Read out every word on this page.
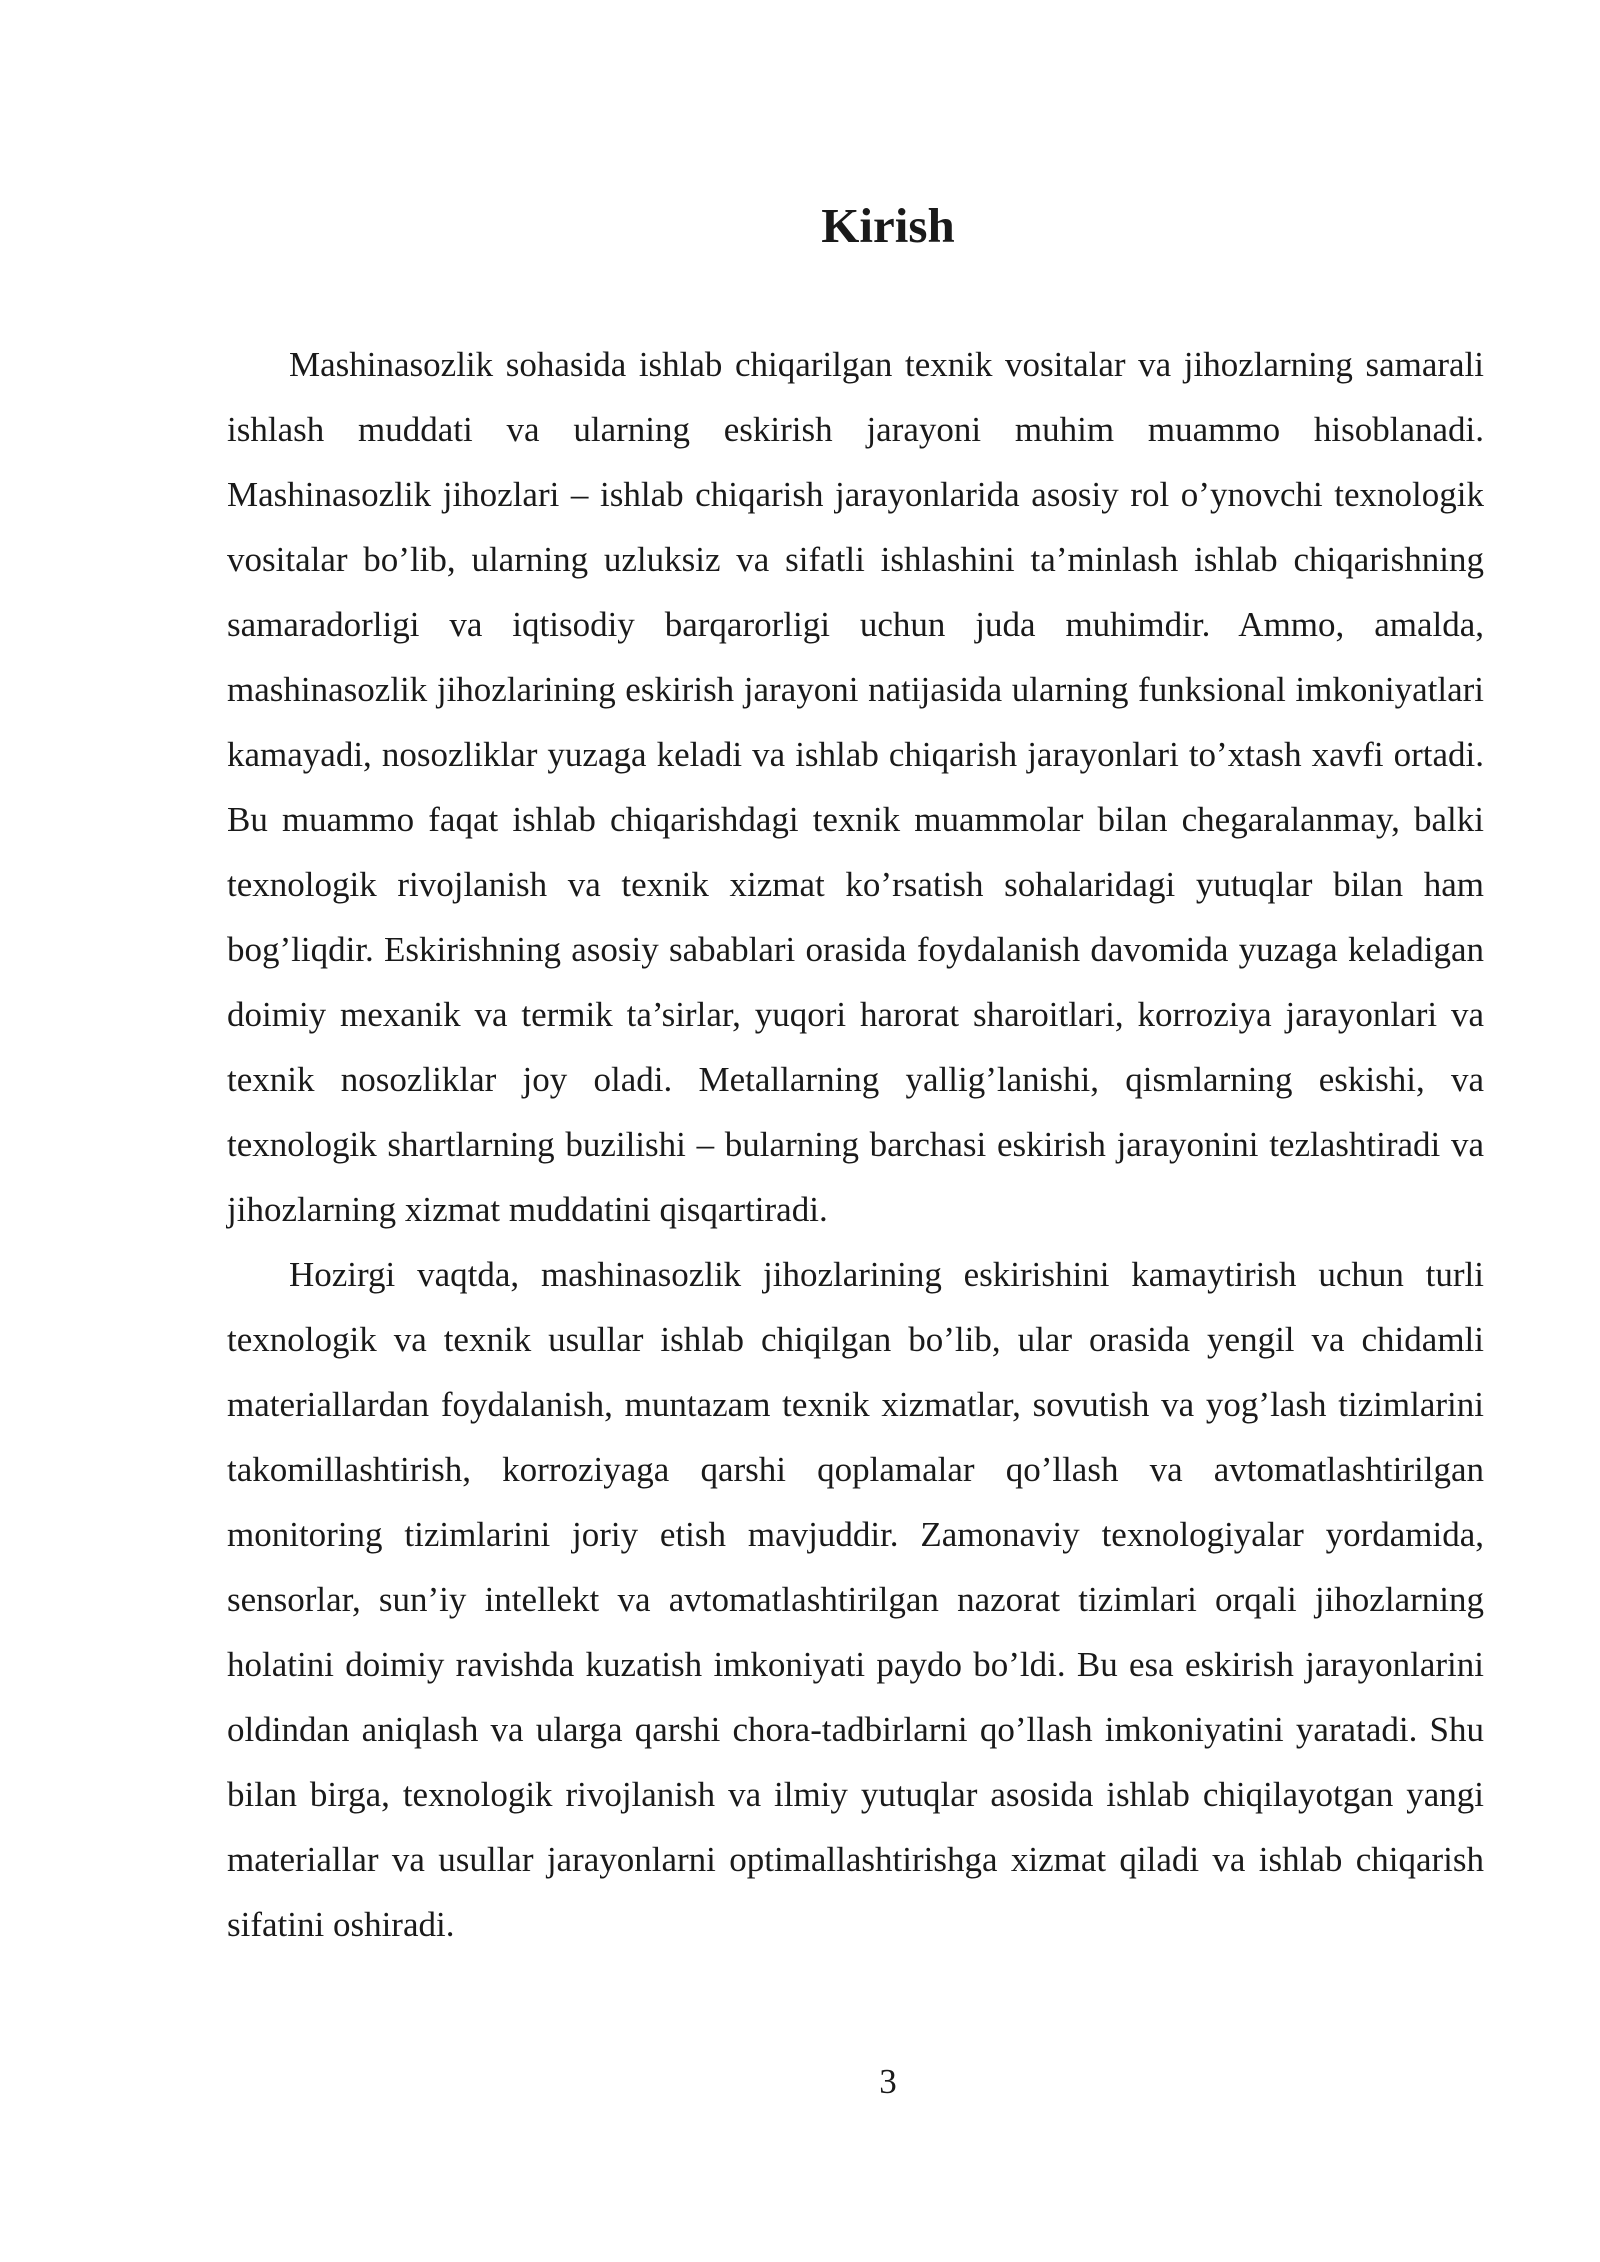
Kirish

Mashinasozlik sohasida ishlab chiqarilgan texnik vositalar va jihozlarning samarali ishlash muddati va ularning eskirish jarayoni muhim muammo hisoblanadi. Mashinasozlik jihozlari – ishlab chiqarish jarayonlarida asosiy rol o’ynovchi texnologik vositalar bo’lib, ularning uzluksiz va sifatli ishlashini ta’minlash ishlab chiqarishning samaradorligi va iqtisodiy barqarorligi uchun juda muhimdir. Ammo, amalda, mashinasozlik jihozlarining eskirish jarayoni natijasida ularning funksional imkoniyatlari kamayadi, nosozliklar yuzaga keladi va ishlab chiqarish jarayonlari to’xtash xavfi ortadi. Bu muammo faqat ishlab chiqarishdagi texnik muammolar bilan chegaralanmay, balki texnologik rivojlanish va texnik xizmat ko’rsatish sohalaridagi yutuqlar bilan ham bog’liqdir. Eskirishning asosiy sabablari orasida foydalanish davomida yuzaga keladigan doimiy mexanik va termik ta’sirlar, yuqori harorat sharoitlari, korroziya jarayonlari va texnik nosozliklar joy oladi. Metallarning yallig’lanishi, qismlarning eskishi, va texnologik shartlarning buzilishi – bularning barchasi eskirish jarayonini tezlashtiradi va jihozlarning xizmat muddatini qisqartiradi.

Hozirgi vaqtda, mashinasozlik jihozlarining eskirishini kamaytirish uchun turli texnologik va texnik usullar ishlab chiqilgan bo’lib, ular orasida yengil va chidamli materiallardan foydalanish, muntazam texnik xizmatlar, sovutish va yog’lash tizimlarini takomillashtirish, korroziyaga qarshi qoplamalar qo’llash va avtomatlashtirilgan monitoring tizimlarini joriy etish mavjuddir. Zamonaviy texnologiyalar yordamida, sensorlar, sun’iy intellekt va avtomatlashtirilgan nazorat tizimlari orqali jihozlarning holatini doimiy ravishda kuzatish imkoniyati paydo bo’ldi. Bu esa eskirish jarayonlarini oldindan aniqlash va ularga qarshi chora-tadbirlarni qo’llash imkoniyatini yaratadi. Shu bilan birga, texnologik rivojlanish va ilmiy yutuqlar asosida ishlab chiqilayotgan yangi materiallar va usullar jarayonlarni optimallashtirishga xizmat qiladi va ishlab chiqarish sifatini oshiradi.

3
